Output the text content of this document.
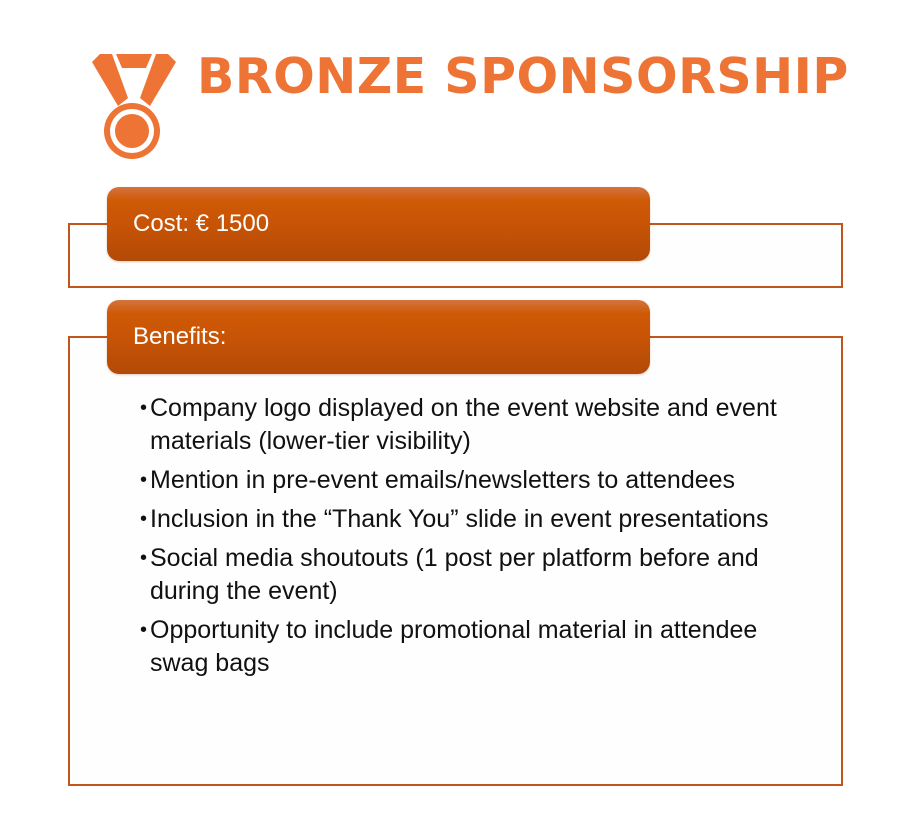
BRONZE SPONSORSHIP
Cost: € 1500
Benefits:
• Company logo displayed on the event website and event materials (lower-tier visibility)
• Mention in pre-event emails/newsletters to attendees
• Inclusion in the “Thank You” slide in event presentations
• Social media shoutouts (1 post per platform before and during the event)
• Opportunity to include promotional material in attendee swag bags
